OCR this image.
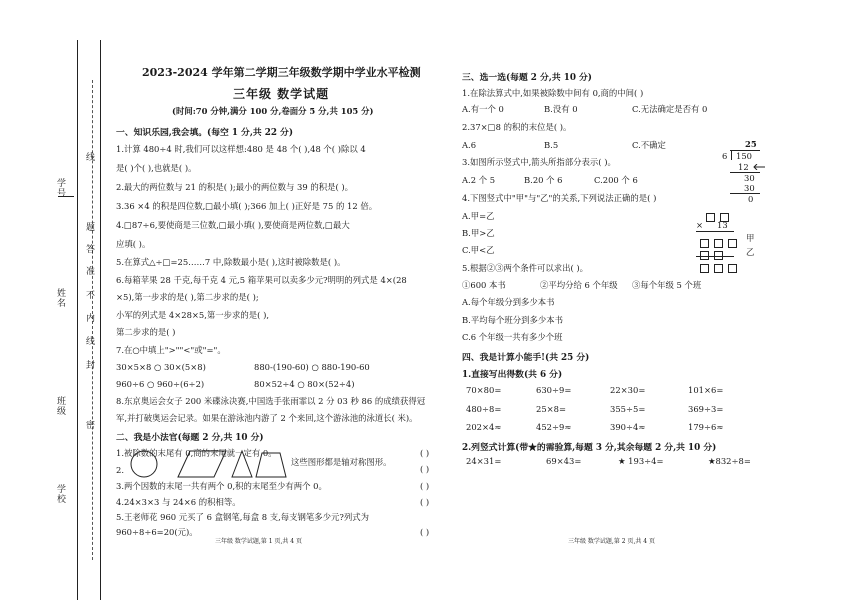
学号
姓名
班级
学校
线
题
答
准
不
内
线
封
密
2023-2024 学年第二学期三年级数学期中学业水平检测
三年级 数学试题
(时间:70 分钟,满分 100 分,卷面分 5 分,共 105 分)
一、知识乐园,我会填。(每空 1 分,共 22 分)
1.计算 480÷4 时,我们可以这样想:480 是 48 个( ),48 个( )除以 4
是( )个( ),也就是( )。
2.最大的两位数与 21 的积是( );最小的两位数与 39 的积是( )。
3.36 ×4 的积是四位数,□最小填( );366 加上( )正好是 75 的 12 倍。
4.□87÷6,要使商是三位数,□最小填( ),要使商是两位数,□最大
应填( )。
5.在算式△÷□=25……7 中,除数最小是( ),这时被除数是( )。
6.每箱苹果 28 千克,每千克 4 元,5 箱苹果可以卖多少元?明明的列式是 4×(28
×5),第一步求的是( ),第二步求的是( );
小军的列式是 4×28×5,第一步求的是( ),
第二步求的是( )
7.在○中填上">""<"或"="。
30×5×8 ○ 30×(5×8)	880-(190-60) ○ 880-190-60
960÷6 ○ 960÷(6÷2)	80×52÷4 ○ 80×(52÷4)
8.东京奥运会女子 200 米碟泳决赛,中国选手张雨霏以 2 分 03 秒 86 的成绩获得冠
军,并打破奥运会记录。如果在游泳池内游了 2 个来回,这个游泳池的泳道长( 米)。
二、我是小法官(每题 2 分,共 10 分)
1.被除数的末尾有 0,商的末尾就一定有 0。	( )
2.
这些图形都是轴对称图形。
( )
3.两个因数的末尾一共有两个 0,积的末尾至少有两个 0。	( )
4.24×3×3 与 24×6 的积相等。	( )
5.王老师花 960 元买了 6 盒钢笔,每盒 8 支,每支钢笔多少元?列式为
960÷8÷6=20(元)。	( )
三年级 数学试题,第 1 页,共 4 页
三、选一选(每题 2 分,共 10 分)
1.在除法算式中,如果被除数中间有 0,商的中间( )
A.有一个 0	B.没有 0	C.无法确定是否有 0
2.37×□8 的积的末位是( )。
A.6	B.5	C.不确定
3.如图所示竖式中,箭头所指部分表示( )。
A.2 个 5	B.20 个 6	C.200 个 6
25
6 150
12
30
30
0
4.下图竖式中"甲"与"乙"的关系,下列说法正确的是( )
A.甲=乙
B.甲>乙
C.甲<乙

× 13

甲

乙
5.根据②③两个条件可以求出( )。
①600 本书	②平均分给 6 个年级 ③每个年级 5 个班
A.每个年级分到多少本书
B.平均每个班分到多少本书
C.6 个年级一共有多少个班
四、我是计算小能手!(共 25 分)
1.直接写出得数(共 6 分)
70×80=	630÷9=	22×30=	101×6=
480÷8=	25×8=	355÷5=	369÷3=
202×4≈	452÷9≈	390÷4≈	179÷6≈
2.列竖式计算(带★的需验算,每题 3 分,其余每题 2 分,共 10 分)
24×31=	69×43=	★ 193÷4=	★832÷8=
三年级 数学试题,第 2 页,共 4 页
